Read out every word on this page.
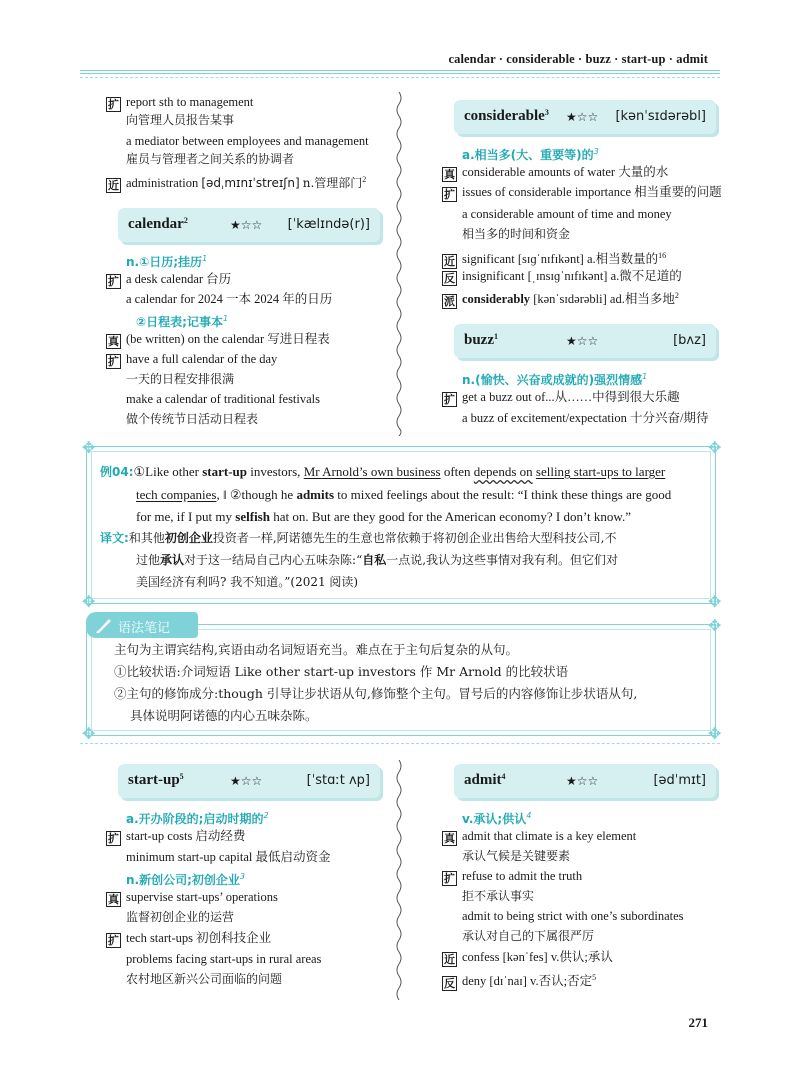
calendar · considerable · buzz · start-up · admit
扩 report sth to management
向管理人员报告某事
a mediator between employees and management
雇员与管理者之间关系的协调者
近 administration [ədˌmɪnɪˈstreɪʃn] n.管理部门$^2$
calendar$^2$	★☆☆ [ˈkælɪndə(r)]
n.①日历;挂历$^1$
扩 a desk calendar 台历
a calendar for 2024 一本 2024 年的日历
②日程表;记事本$^1$
真 (be written) on the calendar 写进日程表
扩 have a full calendar of the day
一天的日程安排很满
make a calendar of traditional festivals
做个传统节日活动日程表
considerable$^3$ ★☆☆ [kənˈsɪdərəbl]
a.相当多(大、重要等)的$^3$
真 considerable amounts of water 大量的水
扩 issues of considerable importance 相当重要的问题
a considerable amount of time and money
相当多的时间和资金
近 significant [sɪɡˈnɪfɪkənt] a.相当数量的$^{16}$
反 insignificant [ˌɪnsɪɡˈnɪfɪkənt] a.微不足道的
派 considerably [kənˈsɪdərəbli] ad.相当多地$^2$
buzz$^1$	★☆☆	[bʌz]
n.(愉快、兴奋或成就的)强烈情感$^1$
扩 get a buzz out of...从……中得到很大乐趣
a buzz of excitement/expectation 十分兴奋/期待
✥	✥
✥	✥
例04:①Like other start-up investors, Mr Arnold’s own business often depends on selling start-ups to larger
tech companies, ‖ ②though he admits to mixed feelings about the result: “I think these things are good
for me, if I put my selfish hat on. But are they good for the American economy? I don’t know.”
译文:和其他初创企业投资者一样,阿诺德先生的生意也常依赖于将初创企业出售给大型科技公司,不
过他承认对于这一结局自己内心五味杂陈:“自私一点说,我认为这些事情对我有利。但它们对
美国经济有利吗? 我不知道。”(2021 阅读)
语法笔记	✥
✥	✥
主句为主谓宾结构,宾语由动名词短语充当。难点在于主句后复杂的从句。
①比较状语:介词短语 Like other start-up investors 作 Mr Arnold 的比较状语
②主句的修饰成分:though 引导让步状语从句,修饰整个主句。冒号后的内容修饰让步状语从句,
具体说明阿诺德的内心五味杂陈。
start-$up^5$	★☆☆	[ˈstɑːt ʌp]
a.开办阶段的;启动时期的$^2$
扩 start-up costs 启动经费
minimum start-up capital 最低启动资金
n.新创公司;初创企业$^3$
真 supervise start-ups’ operations
监督初创企业的运营
扩 tech start-ups 初创科技企业
problems facing start-ups in rural areas
农村地区新兴公司面临的问题
admit$^4$	★☆☆	[ədˈmɪt]
v.承认;供认$^4$
真 admit that climate is a key element
承认气候是关键要素
扩 refuse to admit the truth
拒不承认事实
admit to being strict with one’s subordinates
承认对自己的下属很严厉
近 confess [kənˈfes] v.供认;承认
反 deny [dɪˈnaɪ] v.否认;否定$^5$
271
